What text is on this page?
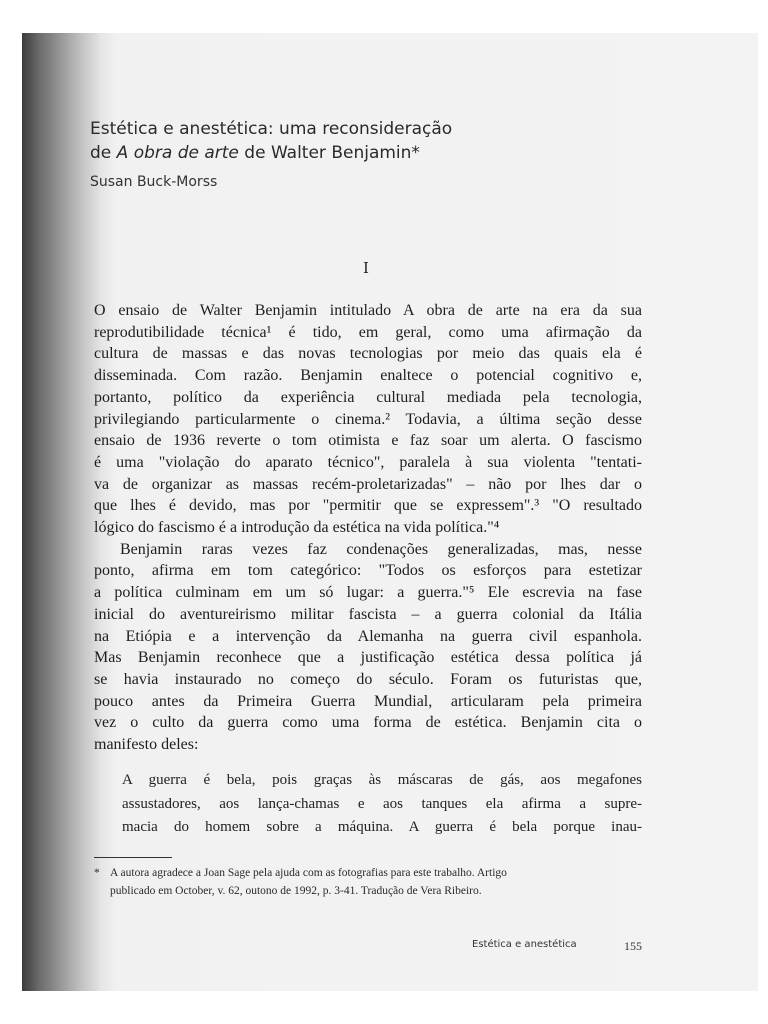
Estética e anestética: uma reconsideração
de A obra de arte de Walter Benjamin*
Susan Buck-Morss
I

O ensaio de Walter Benjamin intitulado A obra de arte na era da sua
reprodutibilidade técnica¹ é tido, em geral, como uma afirmação da
cultura de massas e das novas tecnologias por meio das quais ela é
disseminada. Com razão. Benjamin enaltece o potencial cognitivo e,
portanto, político da experiência cultural mediada pela tecnologia,
privilegiando particularmente o cinema.² Todavia, a última seção desse
ensaio de 1936 reverte o tom otimista e faz soar um alerta. O fascismo
é uma "violação do aparato técnico", paralela à sua violenta "tentati-
va de organizar as massas recém-proletarizadas" – não por lhes dar o
que lhes é devido, mas por "permitir que se expressem".³ "O resultado
lógico do fascismo é a introdução da estética na vida política."⁴

Benjamin raras vezes faz condenações generalizadas, mas, nesse
ponto, afirma em tom categórico: "Todos os esforços para estetizar
a política culminam em um só lugar: a guerra."⁵ Ele escrevia na fase
inicial do aventureirismo militar fascista – a guerra colonial da Itália
na Etiópia e a intervenção da Alemanha na guerra civil espanhola.
Mas Benjamin reconhece que a justificação estética dessa política já
se havia instaurado no começo do século. Foram os futuristas que,
pouco antes da Primeira Guerra Mundial, articularam pela primeira
vez o culto da guerra como uma forma de estética. Benjamin cita o
manifesto deles:

A guerra é bela, pois graças às máscaras de gás, aos megafones
assustadores, aos lança-chamas e aos tanques ela afirma a supre-
macia do homem sobre a máquina. A guerra é bela porque inau-
* A autora agradece a Joan Sage pela ajuda com as fotografias para este trabalho. Artigo
publicado em October, v. 62, outono de 1992, p. 3-41. Tradução de Vera Ribeiro.
Estética e anestética	155
